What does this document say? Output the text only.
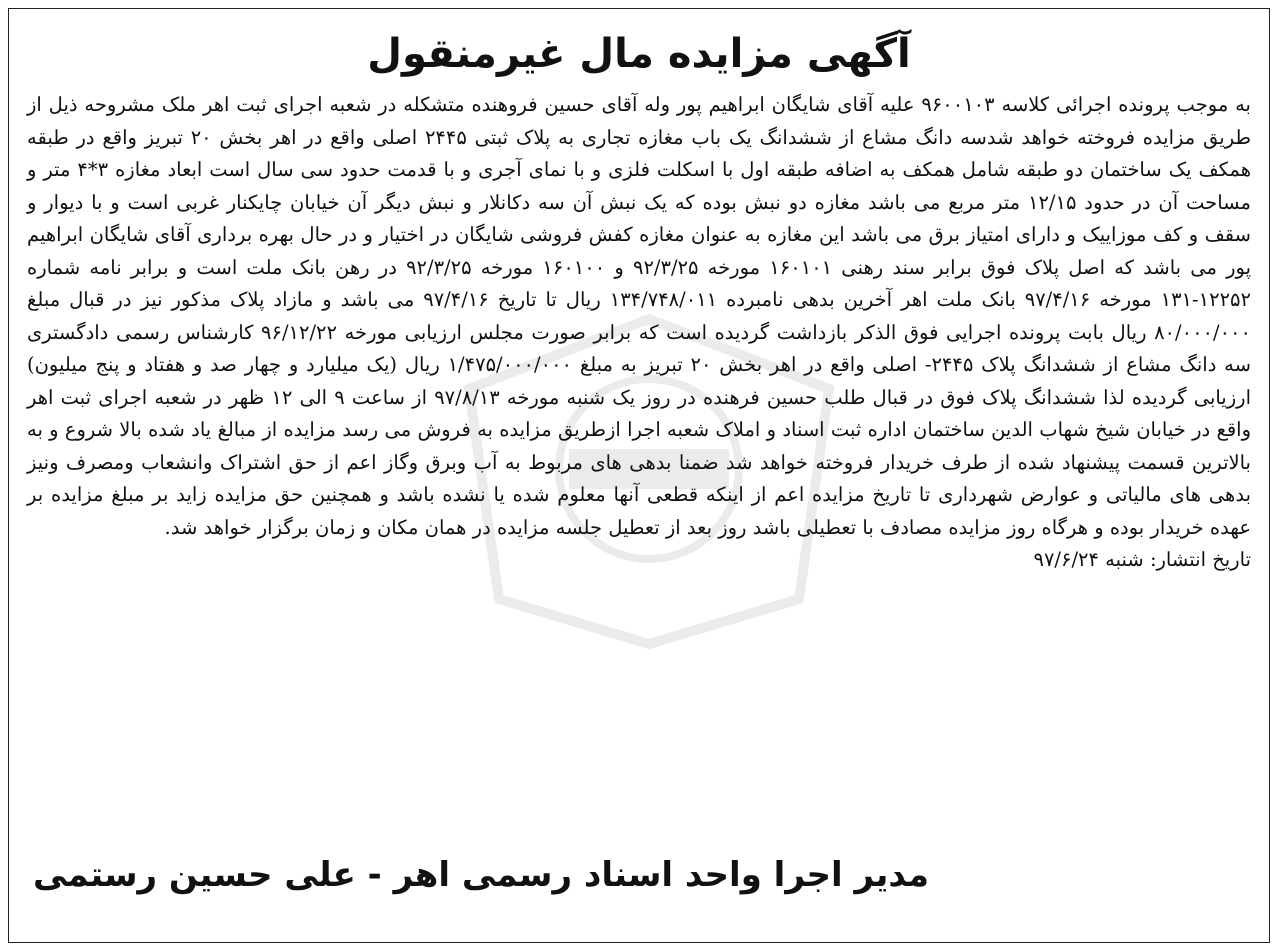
آگهی مزایده مال غیرمنقول

به موجب پرونده اجرائی کلاسه ۹۶۰۰۱۰۳ علیه آقای شایگان ابراهیم پور وله آقای حسین فروهنده متشکله در شعبه اجرای ثبت اهر ملک مشروحه ذیل از طریق مزایده فروخته خواهد شدسه دانگ مشاع از ششدانگ یک باب مغازه تجاری به پلاک ثبتی ۲۴۴۵ اصلی واقع در اهر بخش ۲۰ تبریز واقع در طبقه همکف یک ساختمان دو طبقه شامل همکف به اضافه طبقه اول با اسکلت فلزی و با نمای آجری و با قدمت حدود سی سال است ابعاد مغازه ۳*۴ متر و مساحت آن در حدود ۱۲/۱۵ متر مربع می باشد مغازه دو نبش بوده که یک نبش آن سه دکانلار و نبش دیگر آن خیابان چایکنار غربی است و با دیوار و سقف و کف موزاییک و دارای امتیاز برق می باشد این مغازه به عنوان مغازه کفش فروشی شایگان در اختیار و در حال بهره برداری آقای شایگان ابراهیم پور می باشد که اصل پلاک فوق برابر سند رهنی ۱۶۰۱۰۱ مورخه ۹۲/۳/۲۵ و ۱۶۰۱۰۰ مورخه ۹۲/۳/۲۵ در رهن بانک ملت است و برابر نامه شماره ۱۲۲۵۲-۱۳۱ مورخه ۹۷/۴/۱۶ بانک ملت اهر آخرین بدهی نامبرده ۱۳۴/۷۴۸/۰۱۱ ریال تا تاریخ ۹۷/۴/۱۶ می باشد و مازاد پلاک مذکور نیز در قبال مبلغ ۸۰/۰۰۰/۰۰۰ ریال بابت پرونده اجرایی فوق الذکر بازداشت گردیده است که برابر صورت مجلس ارزیابی مورخه ۹۶/۱۲/۲۲ کارشناس رسمی دادگستری سه دانگ مشاع از ششدانگ پلاک ۲۴۴۵- اصلی واقع در اهر بخش ۲۰ تبریز به مبلغ ۱/۴۷۵/۰۰۰/۰۰۰ ریال (یک میلیارد و چهار صد و هفتاد و پنج میلیون) ارزیابی گردیده لذا ششدانگ پلاک فوق در قبال طلب حسین فرهنده در روز یک شنبه مورخه ۹۷/۸/۱۳ از ساعت ۹ الی ۱۲ ظهر در شعبه اجرای ثبت اهر واقع در خیابان شیخ شهاب الدین ساختمان اداره ثبت اسناد و املاک شعبه اجرا ازطریق مزایده به فروش می رسد مزایده از مبالغ یاد شده بالا شروع و به بالاترین قسمت پیشنهاد شده از طرف خریدار فروخته خواهد شد ضمنا بدهی های مربوط به آب وبرق وگاز اعم از حق اشتراک وانشعاب ومصرف ونیز بدهی های مالیاتی و عوارض شهرداری تا تاریخ مزایده اعم از اینکه قطعی آنها معلوم شده یا نشده باشد و همچنین حق مزایده زاید بر مبلغ مزایده بر عهده خریدار بوده و هرگاه روز مزایده مصادف با تعطیلی باشد روز بعد از تعطیل جلسه مزایده در همان مکان و زمان برگزار خواهد شد.

تاریخ انتشار: شنبه ۹۷/۶/۲۴

مدیر اجرا واحد اسناد رسمی اهر - علی حسین رستمی
